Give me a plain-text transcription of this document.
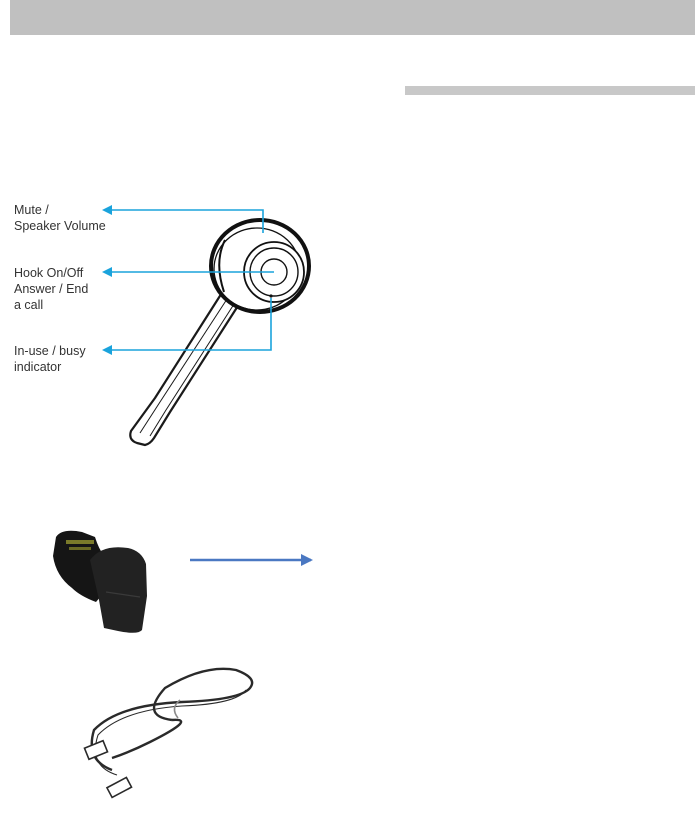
Mute /
Speaker Volume
Hook On/Off
Answer / End
a call
In-use / busy
indicator
